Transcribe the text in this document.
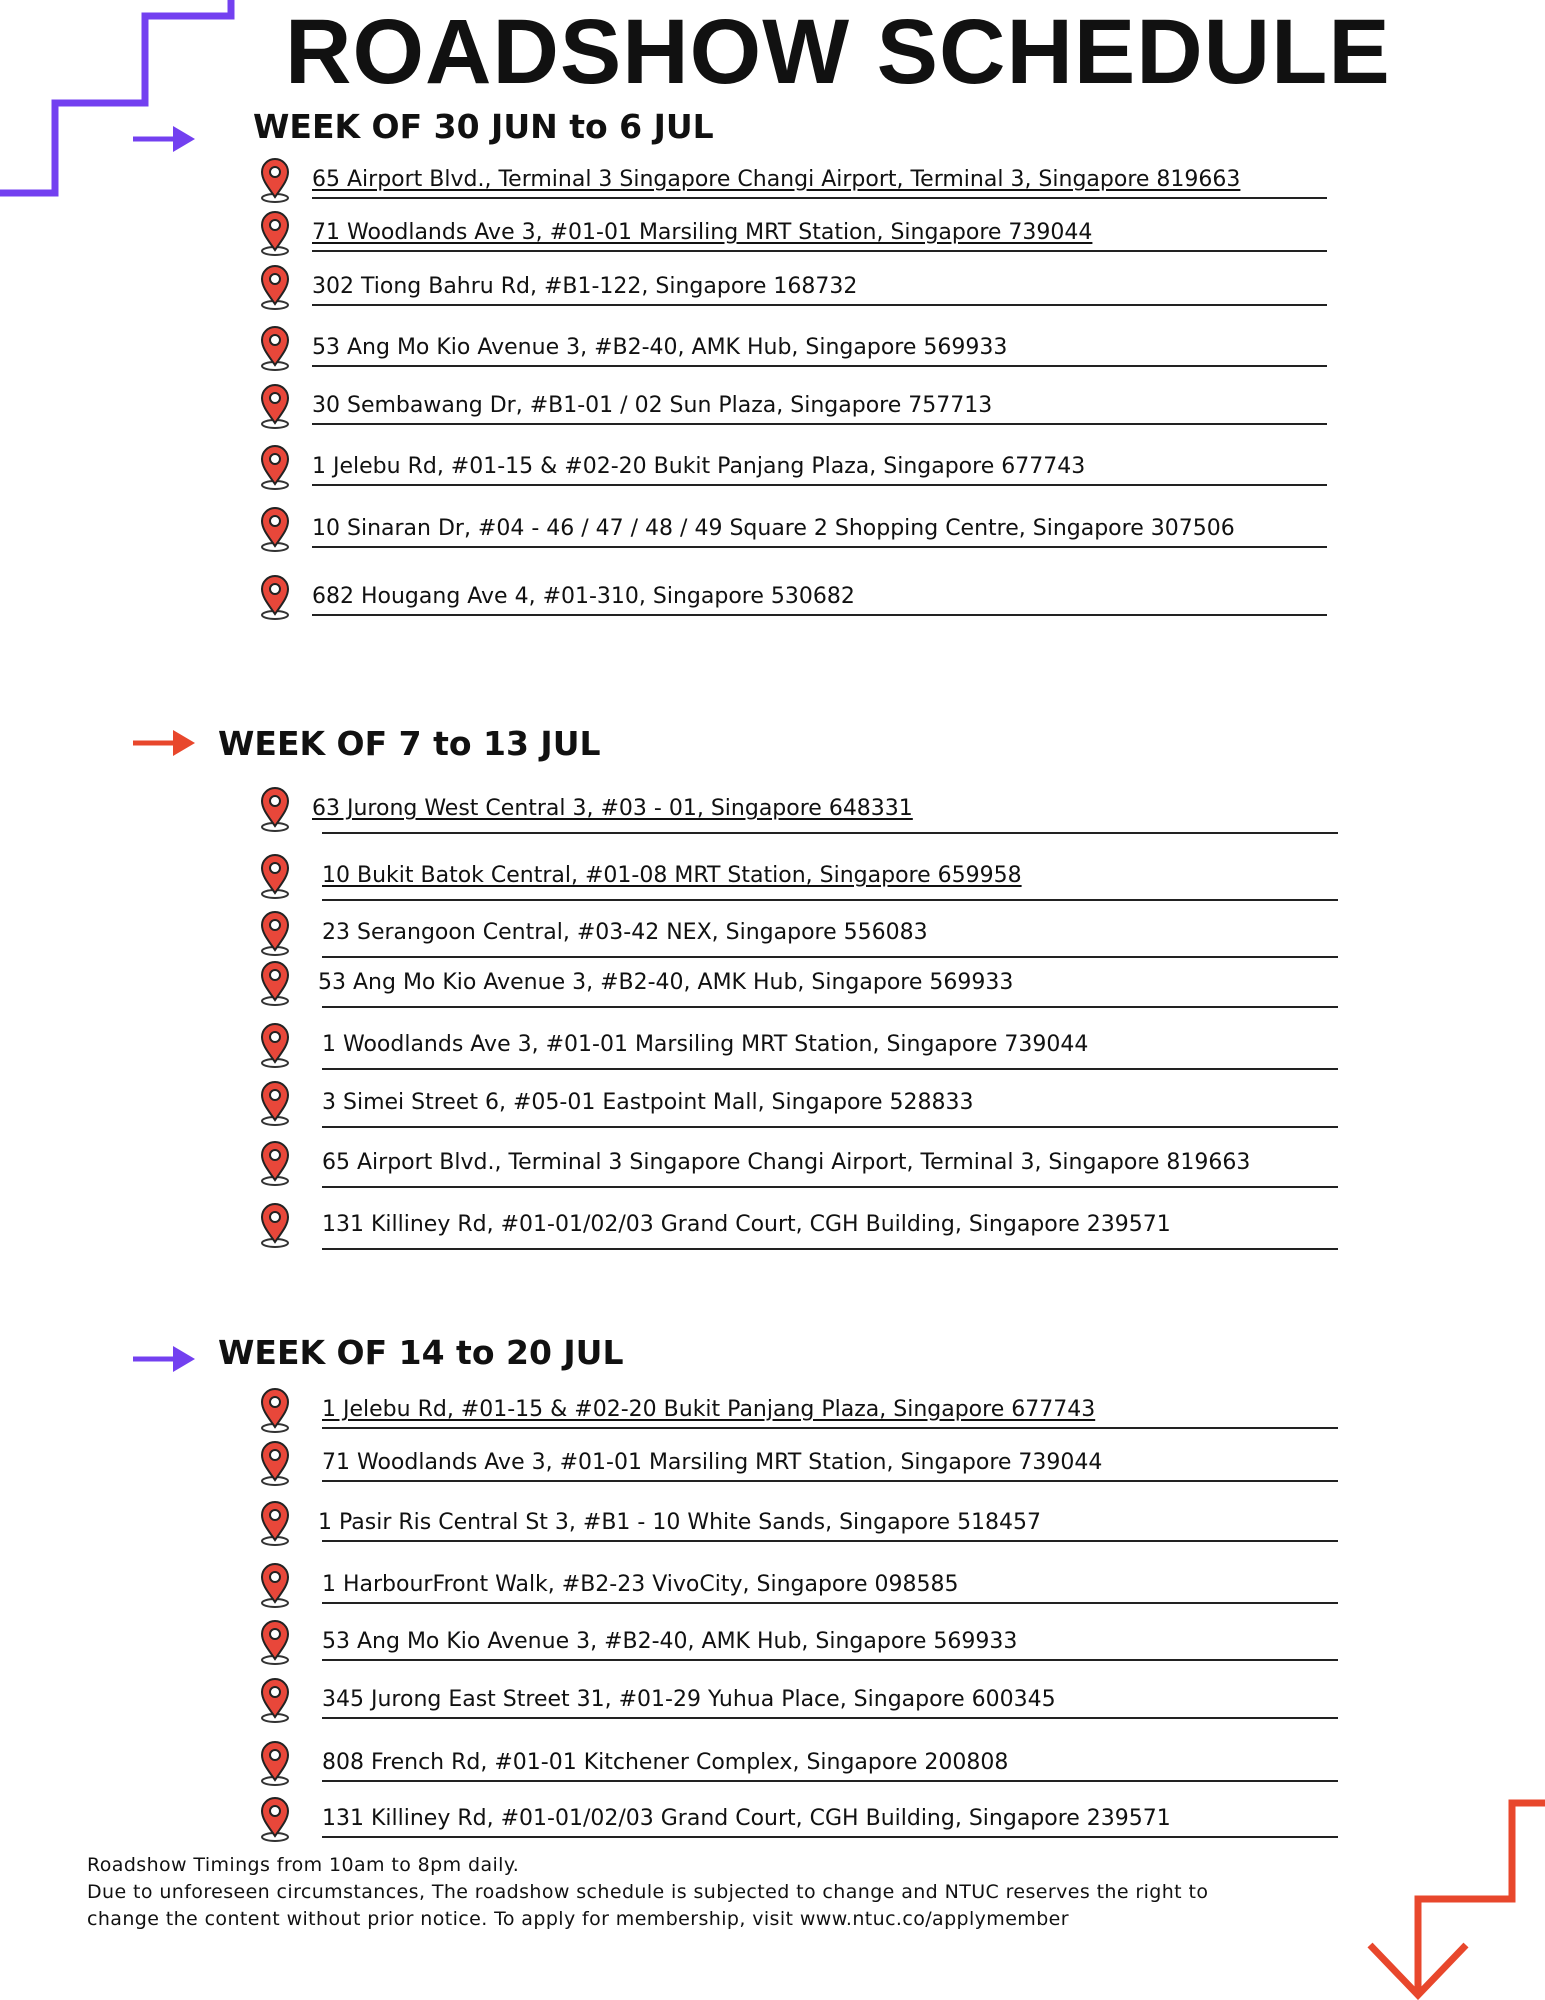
ROADSHOW SCHEDULE
WEEK OF 30 JUN to 6 JUL
65 Airport Blvd., Terminal 3 Singapore Changi Airport, Terminal 3, Singapore 819663
71 Woodlands Ave 3, #01-01 Marsiling MRT Station, Singapore 739044
302 Tiong Bahru Rd, #B1-122, Singapore 168732
53 Ang Mo Kio Avenue 3, #B2-40, AMK Hub, Singapore 569933
30 Sembawang Dr, #B1-01 / 02 Sun Plaza, Singapore 757713
1 Jelebu Rd, #01-15 & #02-20 Bukit Panjang Plaza, Singapore 677743
10 Sinaran Dr, #04 - 46 / 47 / 48 / 49 Square 2 Shopping Centre, Singapore 307506
682 Hougang Ave 4, #01-310, Singapore 530682
WEEK OF 7 to 13 JUL
63 Jurong West Central 3, #03 - 01, Singapore 648331
10 Bukit Batok Central, #01-08 MRT Station, Singapore 659958
23 Serangoon Central, #03-42 NEX, Singapore 556083
53 Ang Mo Kio Avenue 3, #B2-40, AMK Hub, Singapore 569933
1 Woodlands Ave 3, #01-01 Marsiling MRT Station, Singapore 739044
3 Simei Street 6, #05-01 Eastpoint Mall, Singapore 528833
65 Airport Blvd., Terminal 3 Singapore Changi Airport, Terminal 3, Singapore 819663
131 Killiney Rd, #01-01/02/03 Grand Court, CGH Building, Singapore 239571
WEEK OF 14 to 20 JUL
1 Jelebu Rd, #01-15 & #02-20 Bukit Panjang Plaza, Singapore 677743
71 Woodlands Ave 3, #01-01 Marsiling MRT Station, Singapore 739044
1 Pasir Ris Central St 3, #B1 - 10 White Sands, Singapore 518457
1 HarbourFront Walk, #B2-23 VivoCity, Singapore 098585
53 Ang Mo Kio Avenue 3, #B2-40, AMK Hub, Singapore 569933
345 Jurong East Street 31, #01-29 Yuhua Place, Singapore 600345
808 French Rd, #01-01 Kitchener Complex, Singapore 200808
131 Killiney Rd, #01-01/02/03 Grand Court, CGH Building, Singapore 239571
Roadshow Timings from 10am to 8pm daily.
Due to unforeseen circumstances, The roadshow schedule is subjected to change and NTUC reserves the right to
change the content without prior notice. To apply for membership, visit www.ntuc.co/applymember
